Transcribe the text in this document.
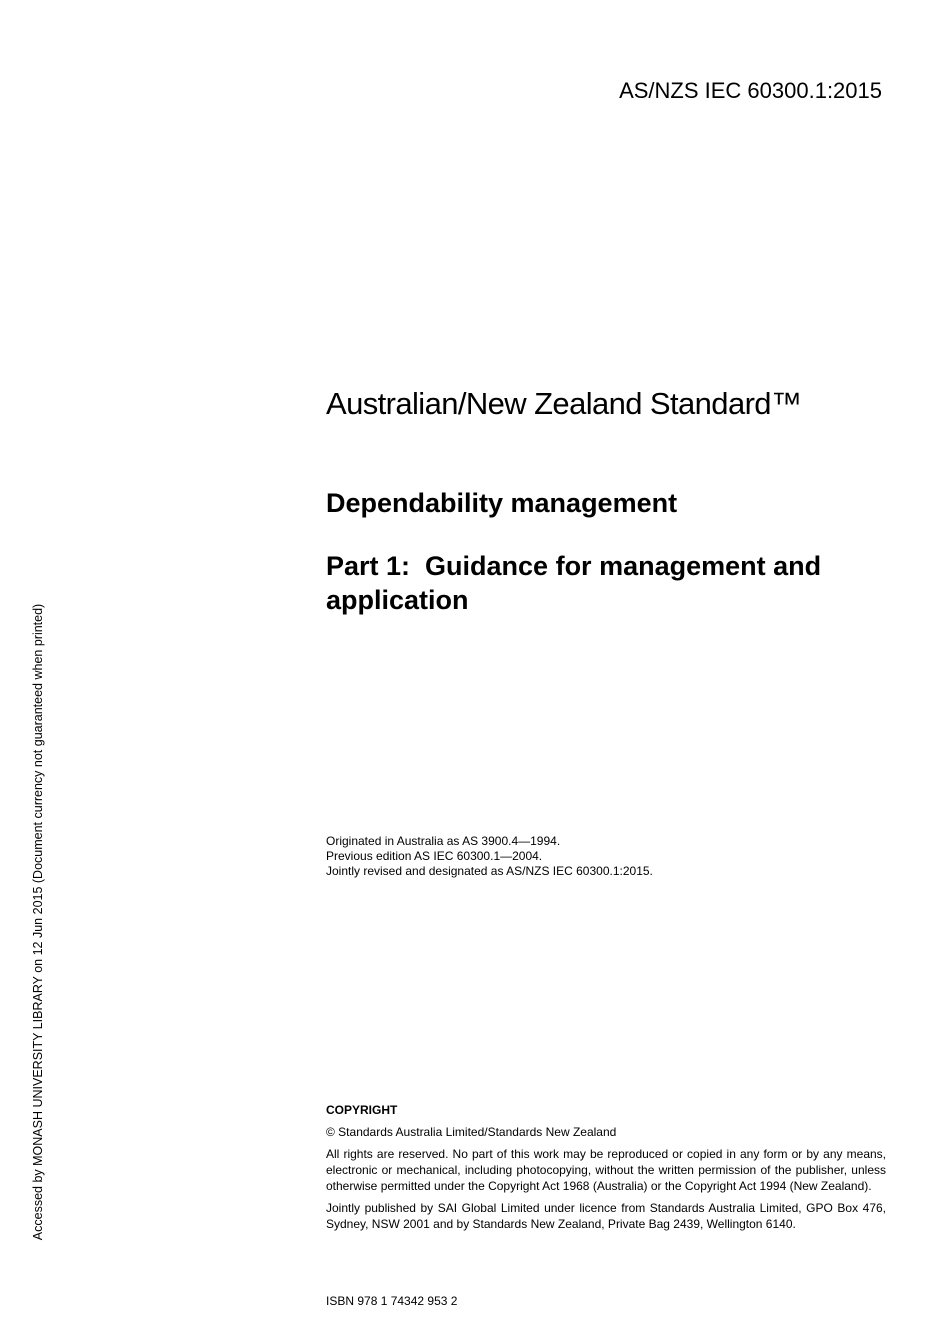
AS/NZS IEC 60300.1:2015
Australian/New Zealand Standard™
Dependability management
Part 1:  Guidance for management and application
Originated in Australia as AS 3900.4—1994.
Previous edition AS IEC 60300.1—2004.
Jointly revised and designated as AS/NZS IEC 60300.1:2015.
Accessed by MONASH UNIVERSITY LIBRARY on 12 Jun 2015 (Document currency not guaranteed when printed)	COPYRIGHT

© Standards Australia Limited/Standards New Zealand

All rights are reserved. No part of this work may be reproduced or copied in any form or by any means, electronic or mechanical, including photocopying, without the written permission of the publisher, unless otherwise permitted under the Copyright Act 1968 (Australia) or the Copyright Act 1994 (New Zealand).

Jointly published by SAI Global Limited under licence from Standards Australia Limited, GPO Box 476, Sydney, NSW 2001 and by Standards New Zealand, Private Bag 2439, Wellington 6140.

ISBN 978 1 74342 953 2
